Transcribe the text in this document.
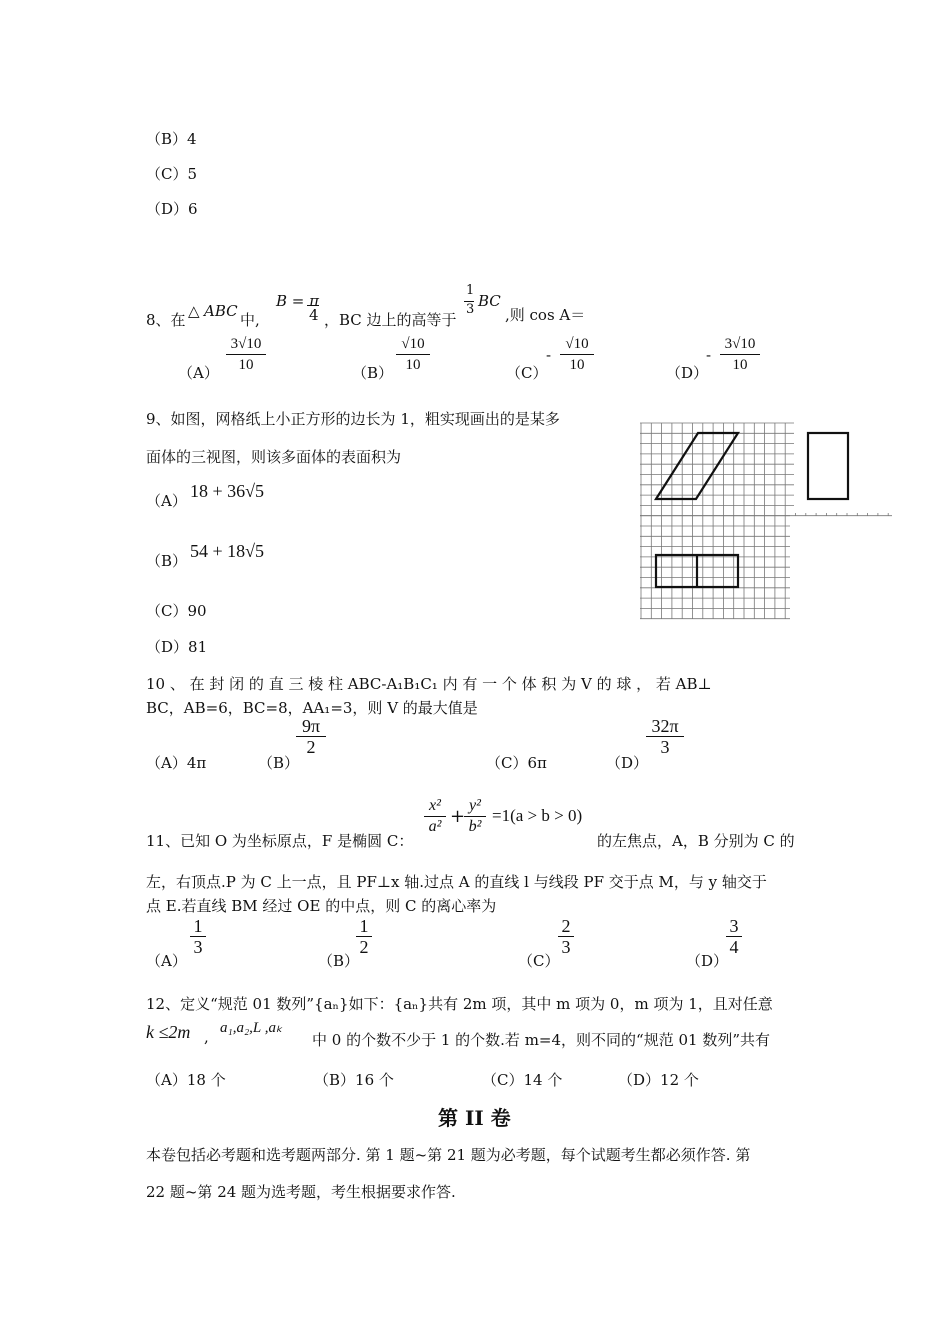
（B）4
（C）5
（D）6
8、在 △ ABC 中,
B = π
4 ，BC 边上的高等于
1
3 BC
,则 cos A＝
$(A) \frac{3√10}{10}$	$(B) \frac{√10}{10}$	（C）
- $\frac{√10}{10}$	（D）
- $\frac{3√10}{10}$
9、如图，网格纸上小正方形的边长为 1，粗实现画出的是某多
面体的三视图，则该多面体的表面积为
（A） 18 + 36√5
（B） 54 + 18√5
（C）90
（D）81
10 、 在 封 闭 的 直 三 棱 柱 ABC-A₁B₁C₁ 内 有 一 个 体 积 为 V 的 球 ， 若 AB⊥
BC，AB=6，BC=8，AA₁=3，则 V 的最大值是
（A）4π	（B）
$\frac{9\pi}{2}$
（C）6π	（D）
$\frac{32\pi}{3}$
11、已知 O 为坐标原点，F 是椭圆 C：
$\frac{\text{x²}}{\text{a²}}$ +
$\frac{\text{y²}}{\text{b²}} =1(a > b > 0)$
的左焦点，A，B 分别为 C 的
左，右顶点.P 为 C 上一点，且 PF⊥x 轴.过点 A 的直线 l 与线段 PF 交于点 M，与 y 轴交于
点 E.若直线 BM 经过 OE 的中点，则 C 的离心率为
（A）
$\frac{1}{3}$
（B）
$\frac{1}{2}$
（C）
$\frac{2}{3}$
（D）
$\frac{3}{4}$
12、定义“规范 01 数列”{aₙ}如下：{aₙ}共有 2m 项，其中 m 项为 0，m 项为 1，且对任意
k ≤2m , a₁,a₂,L ,aₖ
中 0 的个数不少于 1 的个数.若 m=4，则不同的“规范 01 数列”共有
（A）18 个	（B）16 个	（C）14 个	（D）12 个
第 II 卷
本卷包括必考题和选考题两部分. 第 1 题~第 21 题为必考题，每个试题考生都必须作答. 第
22 题~第 24 题为选考题，考生根据要求作答.
